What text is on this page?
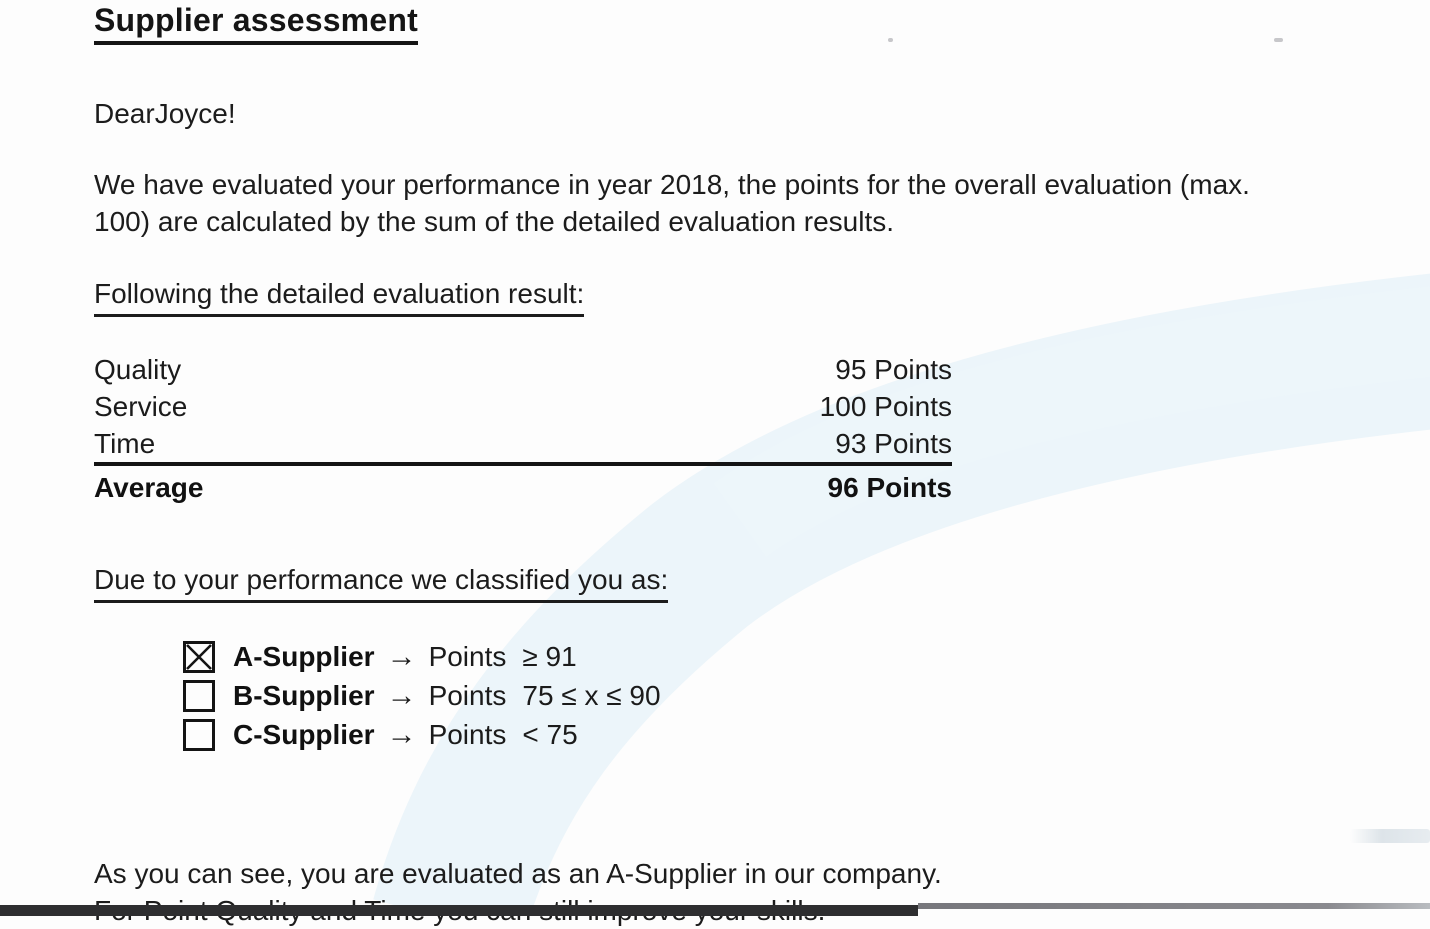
Supplier assessment
DearJoyce!
We have evaluated your performance in year 2018, the points for the overall evaluation (max.
100) are calculated by the sum of the detailed evaluation results.
Following the detailed evaluation result:
Quality	95 Points
Service	100 Points
Time	93 Points
Average	96 Points
Due to your performance we classified you as:
A-Supplier → Points ≥ 91
B-Supplier → Points 75 ≤ x ≤ 90
C-Supplier → Points < 75
As you can see, you are evaluated as an A-Supplier in our company.
